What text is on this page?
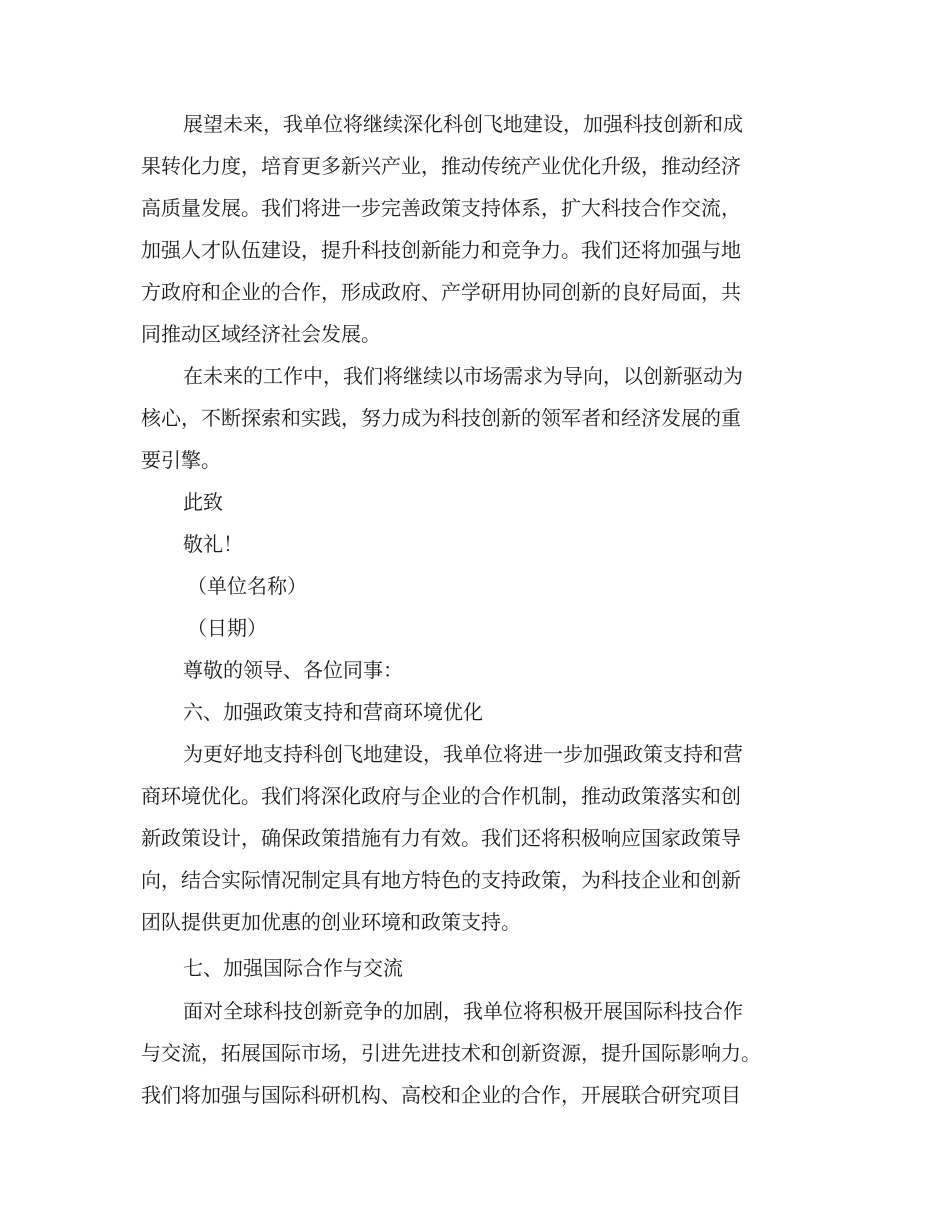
展望未来，我单位将继续深化科创飞地建设，加强科技创新和成
果转化力度，培育更多新兴产业，推动传统产业优化升级，推动经济
高质量发展。我们将进一步完善政策支持体系，扩大科技合作交流，
加强人才队伍建设，提升科技创新能力和竞争力。我们还将加强与地
方政府和企业的合作，形成政府、产学研用协同创新的良好局面，共
同推动区域经济社会发展。
在未来的工作中，我们将继续以市场需求为导向，以创新驱动为
核心，不断探索和实践，努力成为科技创新的领军者和经济发展的重
要引擎。
此致
敬礼！
（单位名称）
（日期）
尊敬的领导、各位同事：
六、加强政策支持和营商环境优化
为更好地支持科创飞地建设，我单位将进一步加强政策支持和营
商环境优化。我们将深化政府与企业的合作机制，推动政策落实和创
新政策设计，确保政策措施有力有效。我们还将积极响应国家政策导
向，结合实际情况制定具有地方特色的支持政策，为科技企业和创新
团队提供更加优惠的创业环境和政策支持。
七、加强国际合作与交流
面对全球科技创新竞争的加剧，我单位将积极开展国际科技合作
与交流，拓展国际市场，引进先进技术和创新资源，提升国际影响力。
我们将加强与国际科研机构、高校和企业的合作，开展联合研究项目
